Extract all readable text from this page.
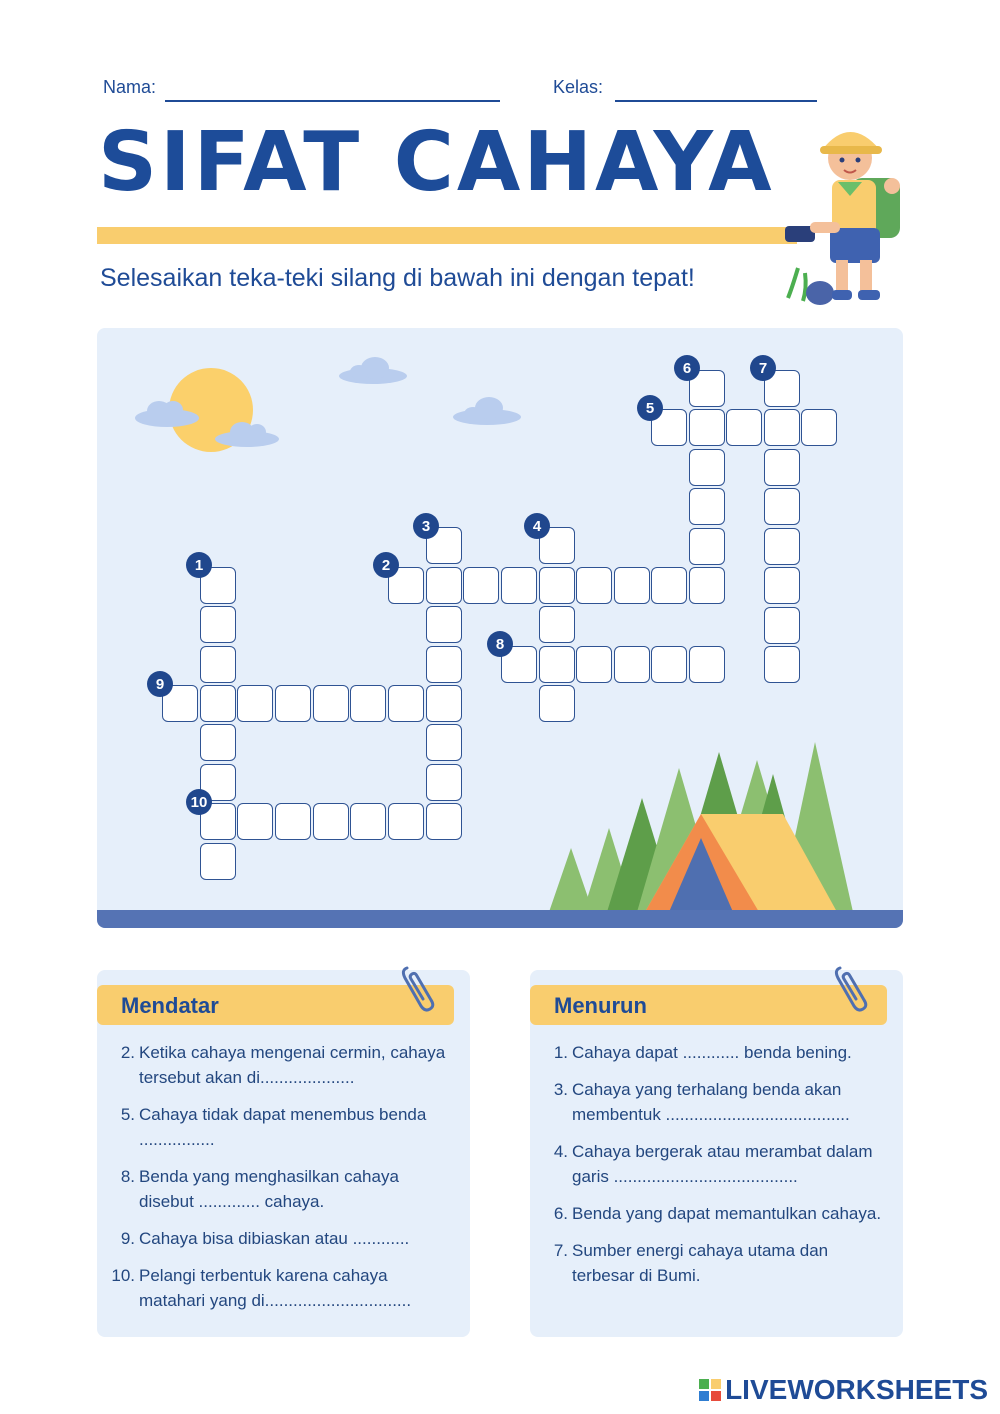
Nama:	Kelas:
SIFAT CAHAYA
Selesaikan teka-teki silang di bawah ini dengan tepat!
1	2
3	4
5
6	7
8
9
10
Mendatar
2. Ketika cahaya mengenai cermin, cahaya tersebut akan di....................
5. Cahaya tidak dapat menembus benda ................
8. Benda yang menghasilkan cahaya disebut ............. cahaya.
9. Cahaya bisa dibiaskan atau ............
10. Pelangi terbentuk karena cahaya matahari yang di...............................
Menurun
1. Cahaya dapat ............ benda bening.
3. Cahaya yang terhalang benda akan membentuk .......................................
4. Cahaya bergerak atau merambat dalam garis .......................................
6. Benda yang dapat memantulkan cahaya.
7. Sumber energi cahaya utama dan terbesar di Bumi.
LIVEWORKSHEETS
